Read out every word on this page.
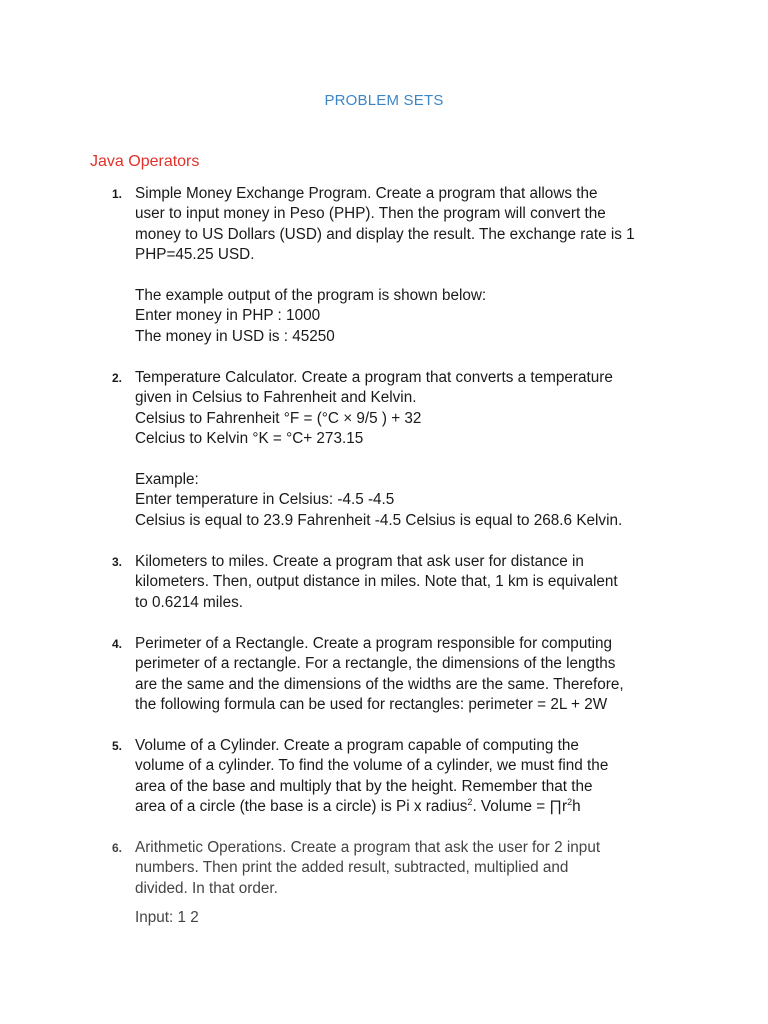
PROBLEM SETS
Java Operators
1. Simple Money Exchange Program. Create a program that allows the
user to input money in Peso (PHP). Then the program will convert the
money to US Dollars (USD) and display the result. The exchange rate is 1
PHP=45.25 USD.
The example output of the program is shown below:
Enter money in PHP : 1000
The money in USD is : 45250
2. Temperature Calculator. Create a program that converts a temperature
given in Celsius to Fahrenheit and Kelvin.
Celsius to Fahrenheit °F = (°C × 9/5 ) + 32
Celcius to Kelvin °K = °C+ 273.15
Example:
Enter temperature in Celsius: -4.5 -4.5
Celsius is equal to 23.9 Fahrenheit -4.5 Celsius is equal to 268.6 Kelvin.
3. Kilometers to miles. Create a program that ask user for distance in
kilometers. Then, output distance in miles. Note that, 1 km is equivalent
to 0.6214 miles.
4. Perimeter of a Rectangle. Create a program responsible for computing
perimeter of a rectangle. For a rectangle, the dimensions of the lengths
are the same and the dimensions of the widths are the same. Therefore,
the following formula can be used for rectangles: perimeter = 2L + 2W
5. Volume of a Cylinder. Create a program capable of computing the
volume of a cylinder. To find the volume of a cylinder, we must find the
area of the base and multiply that by the height. Remember that the
area of a circle (the base is a circle) is Pi x radius$^2$. Volume = $\prod r^2h$
6. Arithmetic Operations. Create a program that ask the user for 2 input
numbers. Then print the added result, subtracted, multiplied and
divided. In that order.
Input: 1 2
